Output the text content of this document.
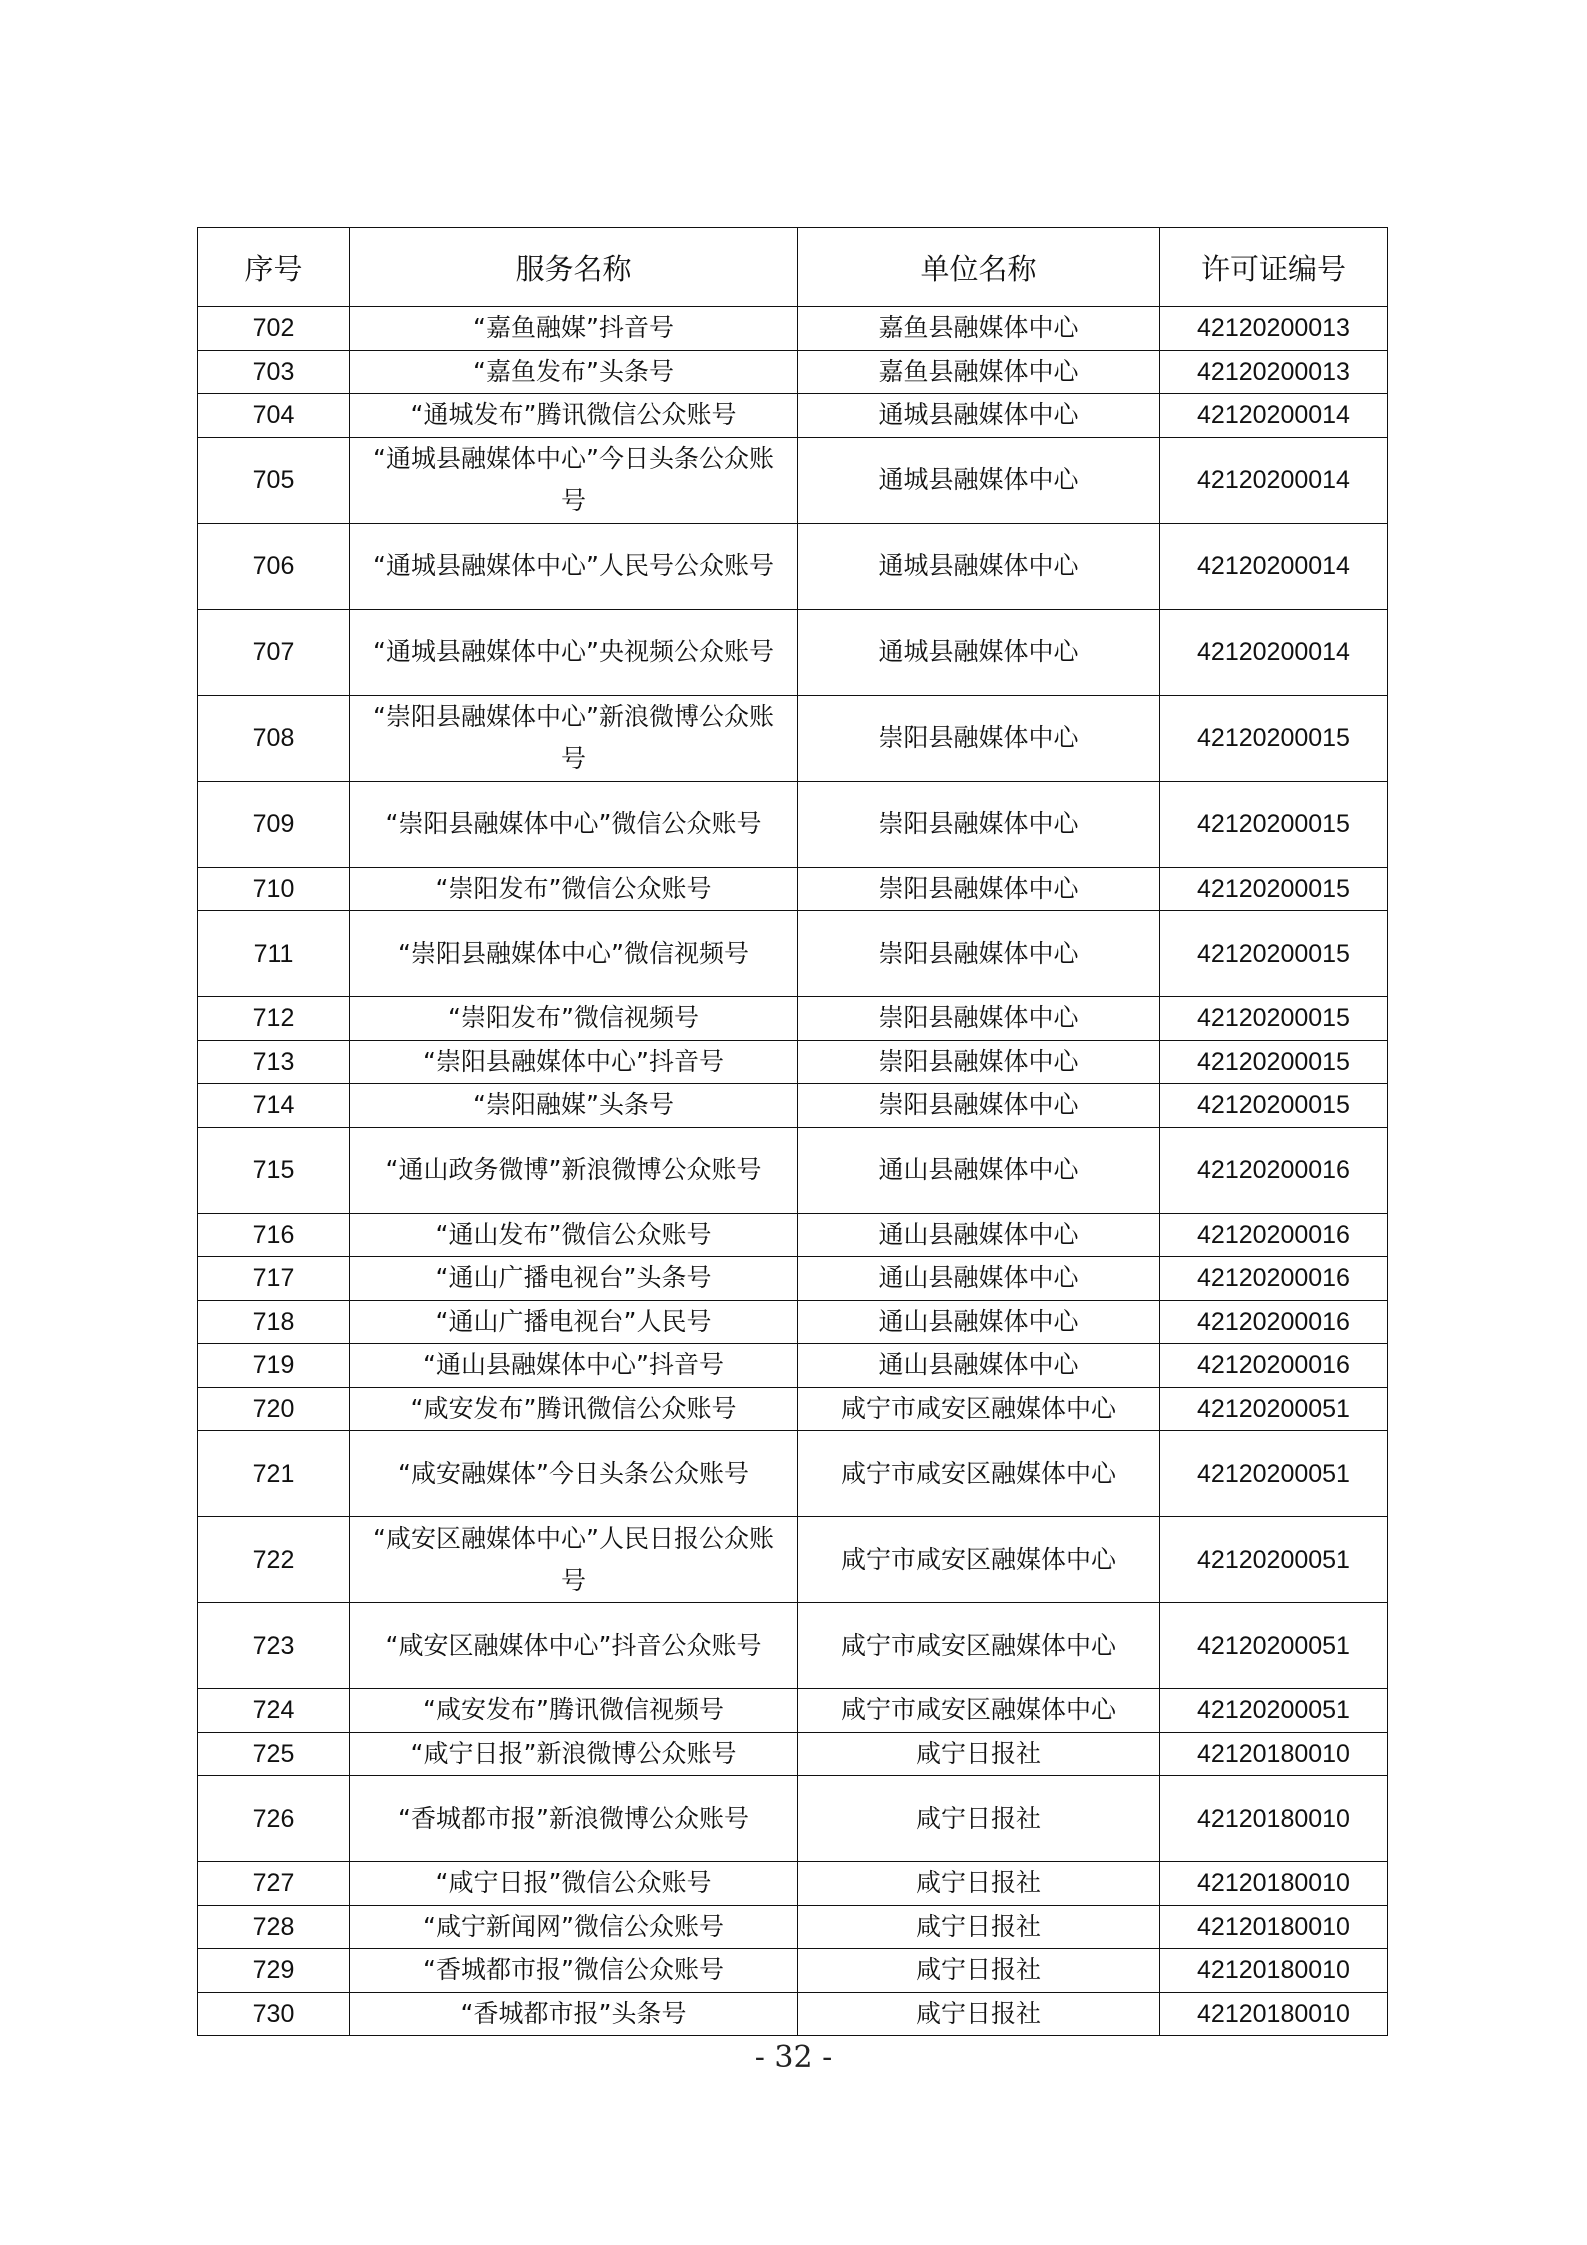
序号	服务名称	单位名称	许可证编号
702	“嘉鱼融媒”抖音号	嘉鱼县融媒体中心	42120200013
703	“嘉鱼发布”头条号	嘉鱼县融媒体中心	42120200013
704	“通城发布”腾讯微信公众账号	通城县融媒体中心	42120200014
705	“通城县融媒体中心”今日头条公众账号	通城县融媒体中心	42120200014
706	“通城县融媒体中心”人民号公众账号	通城县融媒体中心	42120200014
707	“通城县融媒体中心”央视频公众账号	通城县融媒体中心	42120200014
708	“崇阳县融媒体中心”新浪微博公众账号	崇阳县融媒体中心	42120200015
709	“崇阳县融媒体中心”微信公众账号	崇阳县融媒体中心	42120200015
710	“崇阳发布”微信公众账号	崇阳县融媒体中心	42120200015
711	“崇阳县融媒体中心”微信视频号	崇阳县融媒体中心	42120200015
712	“崇阳发布”微信视频号	崇阳县融媒体中心	42120200015
713	“崇阳县融媒体中心”抖音号	崇阳县融媒体中心	42120200015
714	“崇阳融媒”头条号	崇阳县融媒体中心	42120200015
715	“通山政务微博”新浪微博公众账号	通山县融媒体中心	42120200016
716	“通山发布”微信公众账号	通山县融媒体中心	42120200016
717	“通山广播电视台”头条号	通山县融媒体中心	42120200016
718	“通山广播电视台”人民号	通山县融媒体中心	42120200016
719	“通山县融媒体中心”抖音号	通山县融媒体中心	42120200016
720	“咸安发布”腾讯微信公众账号	咸宁市咸安区融媒体中心	42120200051
721	“咸安融媒体”今日头条公众账号	咸宁市咸安区融媒体中心	42120200051
722	“咸安区融媒体中心”人民日报公众账号	咸宁市咸安区融媒体中心	42120200051
723	“咸安区融媒体中心”抖音公众账号	咸宁市咸安区融媒体中心	42120200051
724	“咸安发布”腾讯微信视频号	咸宁市咸安区融媒体中心	42120200051
725	“咸宁日报”新浪微博公众账号	咸宁日报社	42120180010
726	“香城都市报”新浪微博公众账号	咸宁日报社	42120180010
727	“咸宁日报”微信公众账号	咸宁日报社	42120180010
728	“咸宁新闻网”微信公众账号	咸宁日报社	42120180010
729	“香城都市报”微信公众账号	咸宁日报社	42120180010
730	“香城都市报”头条号	咸宁日报社	42120180010
- 32 -
